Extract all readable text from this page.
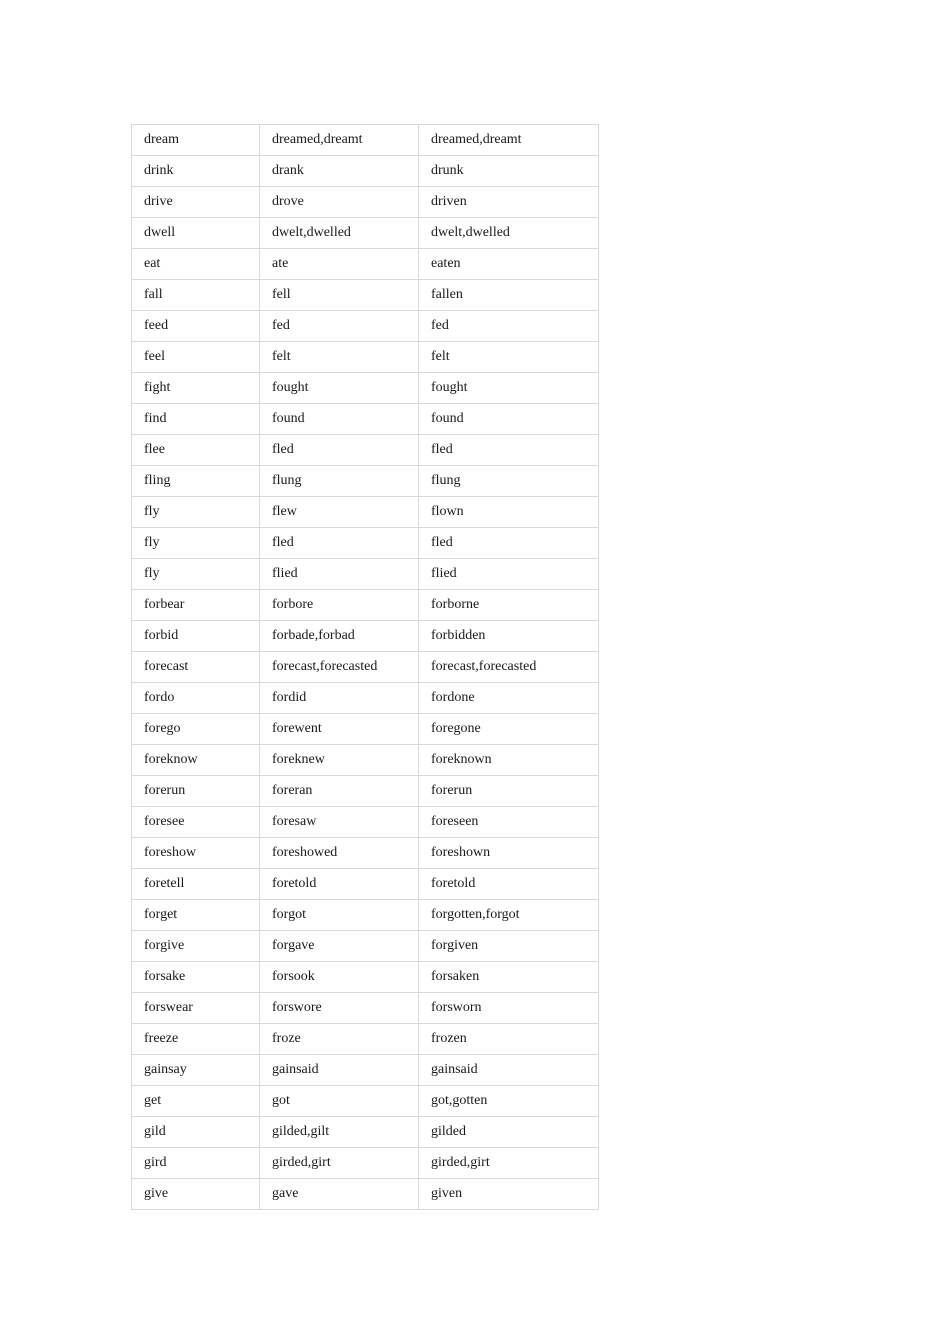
dream	dreamed,dreamt	dreamed,dreamt
drink	drank	drunk
drive	drove	driven
dwell	dwelt,dwelled	dwelt,dwelled
eat	ate	eaten
fall	fell	fallen
feed	fed	fed
feel	felt	felt
fight	fought	fought
find	found	found
flee	fled	fled
fling	flung	flung
fly	flew	flown
fly	fled	fled
fly	flied	flied
forbear	forbore	forborne
forbid	forbade,forbad	forbidden
forecast	forecast,forecasted	forecast,forecasted
fordo	fordid	fordone
forego	forewent	foregone
foreknow	foreknew	foreknown
forerun	foreran	forerun
foresee	foresaw	foreseen
foreshow	foreshowed	foreshown
foretell	foretold	foretold
forget	forgot	forgotten,forgot
forgive	forgave	forgiven
forsake	forsook	forsaken
forswear	forswore	forsworn
freeze	froze	frozen
gainsay	gainsaid	gainsaid
get	got	got,gotten
gild	gilded,gilt	gilded
gird	girded,girt	girded,girt
give	gave	given
